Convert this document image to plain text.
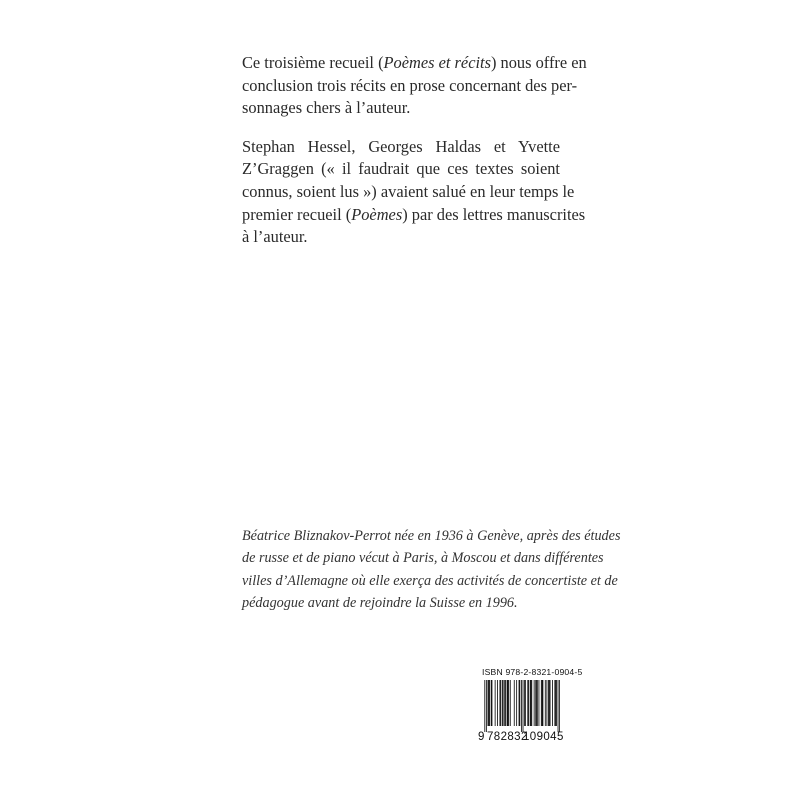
Ce troisième recueil (Poèmes et récits) nous offre en
conclusion trois récits en prose concernant des per-
sonnages chers à l’auteur.

Stephan Hessel, Georges Haldas et Yvette
Z’Graggen (« il faudrait que ces textes soient
connus, soient lus ») avaient salué en leur temps le
premier recueil (Poèmes) par des lettres manuscrites
à l’auteur.

Béatrice Bliznakov-Perrot née en 1936 à Genève, après des études
de russe et de piano vécut à Paris, à Moscou et dans différentes
villes d’Allemagne où elle exerça des activités de concertiste et de
pédagogue avant de rejoindre la Suisse en 1996.
ISBN 978-2-8321-0904-5
9 782832
109045
